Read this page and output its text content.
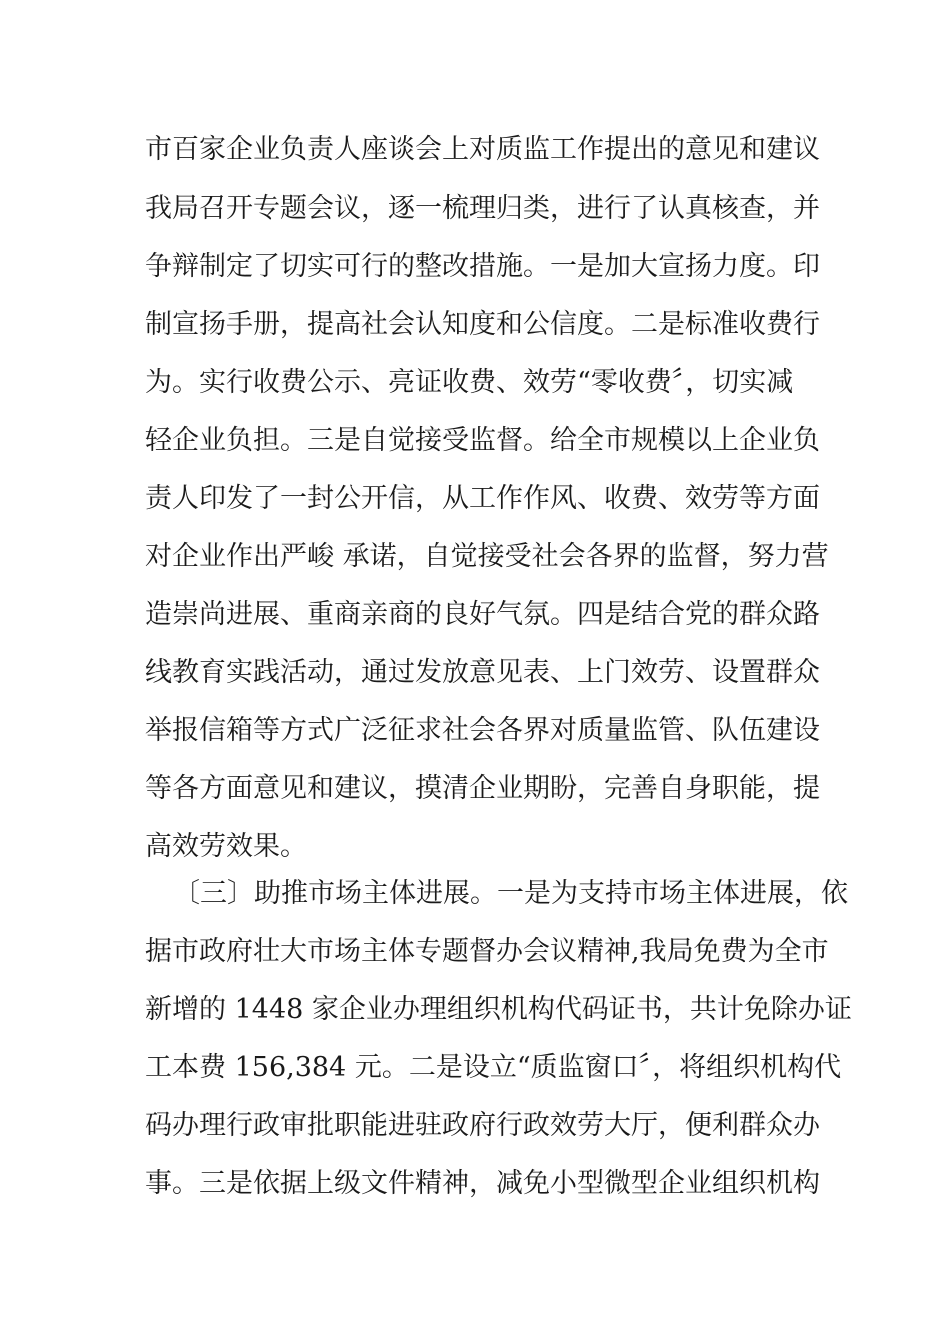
市百家企业负责人座谈会上对质监工作提出的意见和建议
我局召开专题会议，逐一梳理归类，进行了认真核查，并
争辩制定了切实可行的整改措施。一是加大宣扬力度。印
制宣扬手册，提高社会认知度和公信度。二是标准收费行
为。实行收费公示、亮证收费、效劳“零收费〞，切实减
轻企业负担。三是自觉接受监督。给全市规模以上企业负
责人印发了一封公开信，从工作作风、收费、效劳等方面
对企业作出严峻 承诺，自觉接受社会各界的监督，努力营
造崇尚进展、重商亲商的良好气氛。四是结合党的群众路
线教育实践活动，通过发放意见表、上门效劳、设置群众
举报信箱等方式广泛征求社会各界对质量监管、队伍建设
等各方面意见和建议，摸清企业期盼，完善自身职能，提
高效劳效果。
〔三〕助推市场主体进展。一是为支持市场主体进展，依
据市政府壮大市场主体专题督办会议精神,我局免费为全市
新增的 1448 家企业办理组织机构代码证书，共计免除办证
工本费 156,384 元。二是设立“质监窗口〞，将组织机构代
码办理行政审批职能进驻政府行政效劳大厅，便利群众办
事。三是依据上级文件精神，减免小型微型企业组织机构
